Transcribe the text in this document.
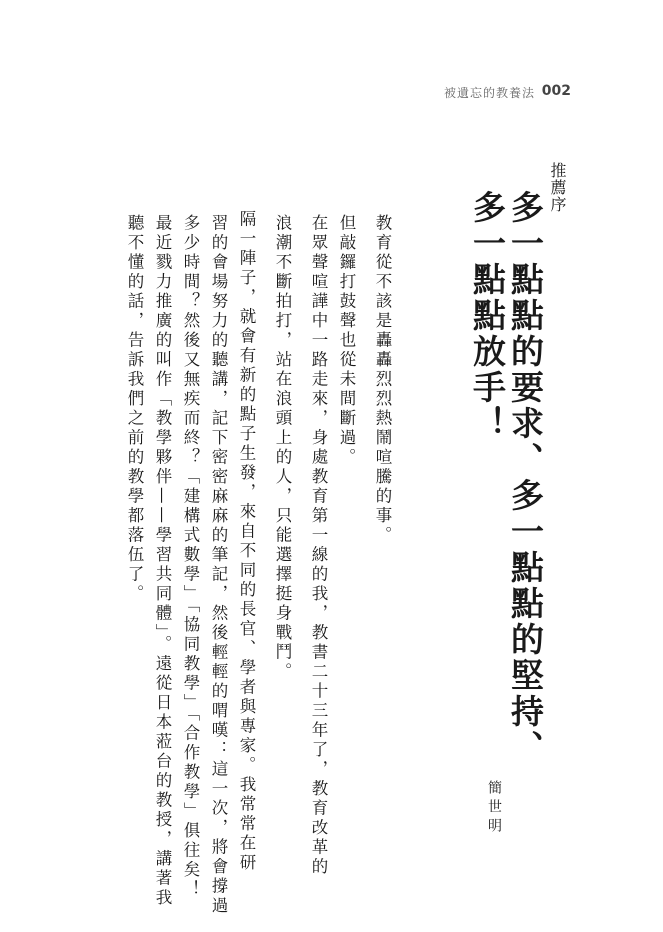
被遺忘的教養法 002
推薦序
多一點點的要求、多一點點的堅持、
多一點點放手！
簡世明
教育從不該是轟轟烈烈熱鬧喧騰的事。
但敲鑼打鼓聲也從未間斷過。
在眾聲喧譁中一路走來，身處教育第一線的我，教書二十三年了，教育改革的
浪潮不斷拍打，站在浪頭上的人，只能選擇挺身戰鬥。
隔一陣子，就會有新的點子生發，來自不同的長官、學者與專家。我常常在研
習的會場努力的聽講，記下密密麻麻的筆記，然後輕輕的喟嘆：這一次，將會撐過
多少時間？然後又無疾而終？「建構式數學」「協同教學」「合作教學」俱往矣！
最近戮力推廣的叫作「教學夥伴——學習共同體」。遠從日本蒞台的教授，講著我
聽不懂的話，告訴我們之前的教學都落伍了。
